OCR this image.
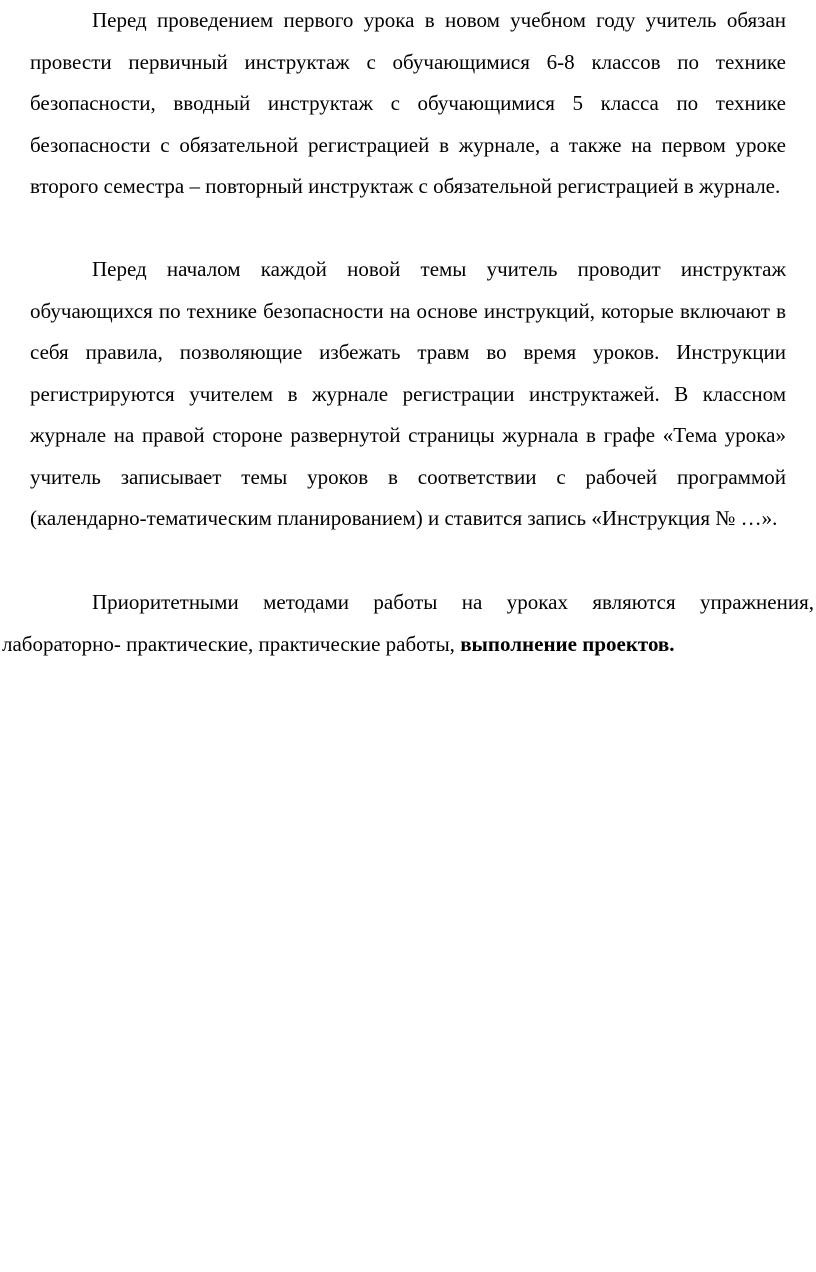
Перед проведением первого урока в новом учебном году учитель обязан провести первичный инструктаж с обучающимися 6-8 классов по технике безопасности, вводный инструктаж с обучающимися 5 класса по технике безопасности с обязательной регистрацией в журнале, а также на первом уроке второго семестра – повторный инструктаж с обязательной регистрацией в журнале.

Перед началом каждой новой темы учитель проводит инструктаж обучающихся по технике безопасности на основе инструкций, которые включают в себя правила, позволяющие избежать травм во время уроков. Инструкции регистрируются учителем в журнале регистрации инструктажей. В классном журнале на правой стороне развернутой страницы журнала в графе «Тема урока» учитель записывает темы уроков в соответствии с рабочей программой (календарно-тематическим планированием) и ставится запись «Инструкция № …».

Приоритетными методами работы на уроках являются упражнения, лабораторно- практические, практические работы, выполнение проектов.
